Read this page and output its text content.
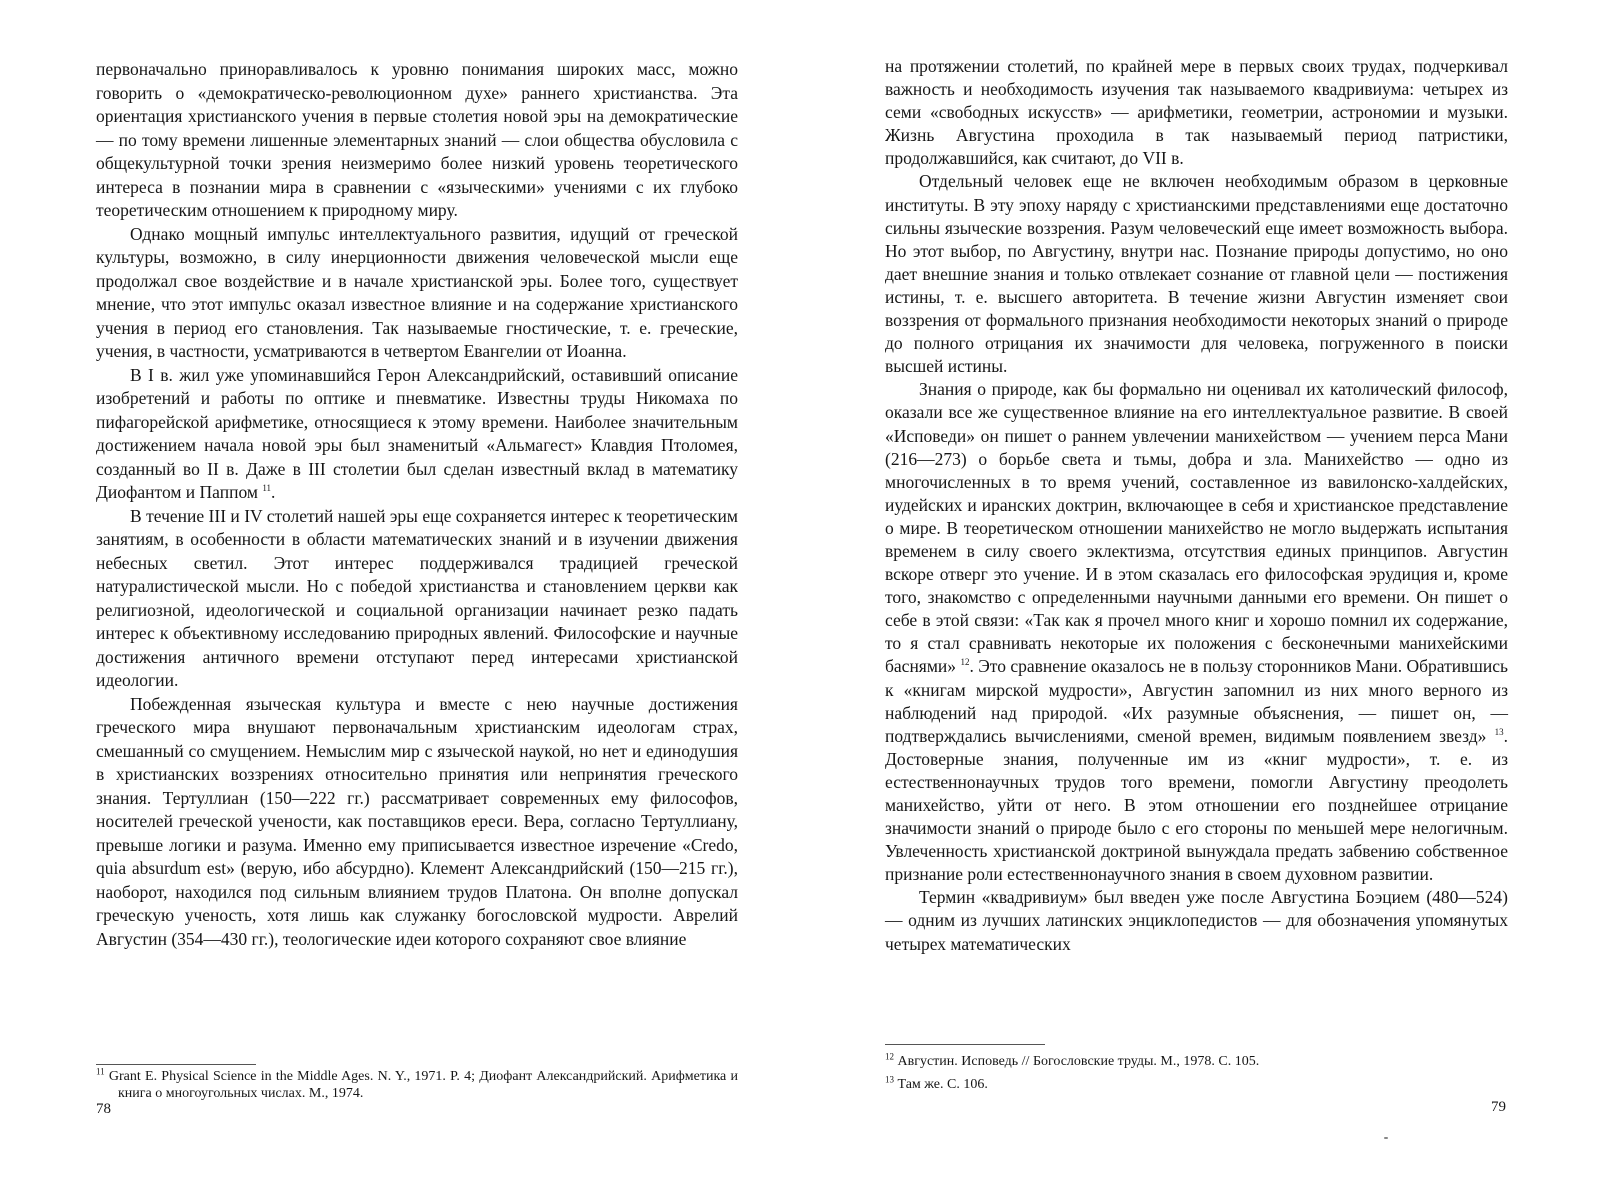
первоначально приноравливалось к уровню понимания широких масс, можно говорить о «демократическо-революционном духе» раннего христианства. Эта ориентация христианского учения в первые столетия новой эры на демократические — по тому времени лишенные элементарных знаний — слои общества обусловила с общекультурной точки зрения неизмеримо более низкий уровень теоретического интереса в познании мира в сравнении с «языческими» учениями с их глубоко теоретическим отношением к природному миру.

Однако мощный импульс интеллектуального развития, идущий от греческой культуры, возможно, в силу инерционности движения человеческой мысли еще продолжал свое воздействие и в начале христианской эры. Более того, существует мнение, что этот импульс оказал известное влияние и на содержание христианского учения в период его становления. Так называемые гностические, т. е. греческие, учения, в частности, усматриваются в четвертом Евангелии от Иоанна.

В I в. жил уже упоминавшийся Герон Александрийский, оставивший описание изобретений и работы по оптике и пневматике. Известны труды Никомаха по пифагорейской арифметике, относящиеся к этому времени. Наиболее значительным достижением начала новой эры был знаменитый «Альмагест» Клавдия Птоломея, созданный во II в. Даже в III столетии был сделан известный вклад в математику Диофантом и Паппом $^{11}$.

В течение III и IV столетий нашей эры еще сохраняется интерес к теоретическим занятиям, в особенности в области математических знаний и в изучении движения небесных светил. Этот интерес поддерживался традицией греческой натуралистической мысли. Но с победой христианства и становлением церкви как религиозной, идеологической и социальной организации начинает резко падать интерес к объективному исследованию природных явлений. Философские и научные достижения античного времени отступают перед интересами христианской идеологии.

Побежденная языческая культура и вместе с нею научные достижения греческого мира внушают первоначальным христианским идеологам страх, смешанный со смущением. Немыслим мир с языческой наукой, но нет и единодушия в христианских воззрениях относительно принятия или непринятия греческого знания. Тертуллиан (150—222 гг.) рассматривает современных ему философов, носителей греческой учености, как поставщиков ереси. Вера, согласно Тертуллиану, превыше логики и разума. Именно ему приписывается известное изречение «Credo, quia absurdum est» (верую, ибо абсурдно). Клемент Александрийский (150—215 гг.), наоборот, находился под сильным влиянием трудов Платона. Он вполне допускал греческую ученость, хотя лишь как служанку богословской мудрости. Аврелий Августин (354—430 гг.), теологические идеи которого сохраняют свое влияние

$^{11}$ Grant E. Physical Science in the Middle Ages. N. Y., 1971. P. 4; Диофант Александрийский. Арифметика и книга о многоугольных числах. М., 1974.

78

на протяжении столетий, по крайней мере в первых своих трудах, подчеркивал важность и необходимость изучения так называемого квадривиума: четырех из семи «свободных искусств» — арифметики, геометрии, астрономии и музыки. Жизнь Августина проходила в так называемый период патристики, продолжавшийся, как считают, до VII в.

Отдельный человек еще не включен необходимым образом в церковные институты. В эту эпоху наряду с христианскими представлениями еще достаточно сильны языческие воззрения. Разум человеческий еще имеет возможность выбора. Но этот выбор, по Августину, внутри нас. Познание природы допустимо, но оно дает внешние знания и только отвлекает сознание от главной цели — постижения истины, т. е. высшего авторитета. В течение жизни Августин изменяет свои воззрения от формального признания необходимости некоторых знаний о природе до полного отрицания их значимости для человека, погруженного в поиски высшей истины.

Знания о природе, как бы формально ни оценивал их католический философ, оказали все же существенное влияние на его интеллектуальное развитие. В своей «Исповеди» он пишет о раннем увлечении манихейством — учением перса Мани (216—273) о борьбе света и тьмы, добра и зла. Манихейство — одно из многочисленных в то время учений, составленное из вавилонско-халдейских, иудейских и иранских доктрин, включающее в себя и христианское представление о мире. В теоретическом отношении манихейство не могло выдержать испытания временем в силу своего эклектизма, отсутствия единых принципов. Августин вскоре отверг это учение. И в этом сказалась его философская эрудиция и, кроме того, знакомство с определенными научными данными его времени. Он пишет о себе в этой связи: «Так как я прочел много книг и хорошо помнил их содержание, то я стал сравнивать некоторые их положения с бесконечными манихейскими баснями» $^{12}$. Это сравнение оказалось не в пользу сторонников Мани. Обратившись к «книгам мирской мудрости», Августин запомнил из них много верного из наблюдений над природой. «Их разумные объяснения, — пишет он, — подтверждались вычислениями, сменой времен, видимым появлением звезд» $^{13}$. Достоверные знания, полученные им из «книг мудрости», т. е. из естественнонаучных трудов того времени, помогли Августину преодолеть манихейство, уйти от него. В этом отношении его позднейшее отрицание значимости знаний о природе было с его стороны по меньшей мере нелогичным. Увлеченность христианской доктриной вынуждала предать забвению собственное признание роли естественнонаучного знания в своем духовном развитии.

Термин «квадривиум» был введен уже после Августина Боэцием (480—524) — одним из лучших латинских энциклопедистов — для обозначения упомянутых четырех математических

$^{12}$ Августин. Исповедь // Богословские труды. М., 1978. С. 105.

$^{13}$ Там же. С. 106.

79
